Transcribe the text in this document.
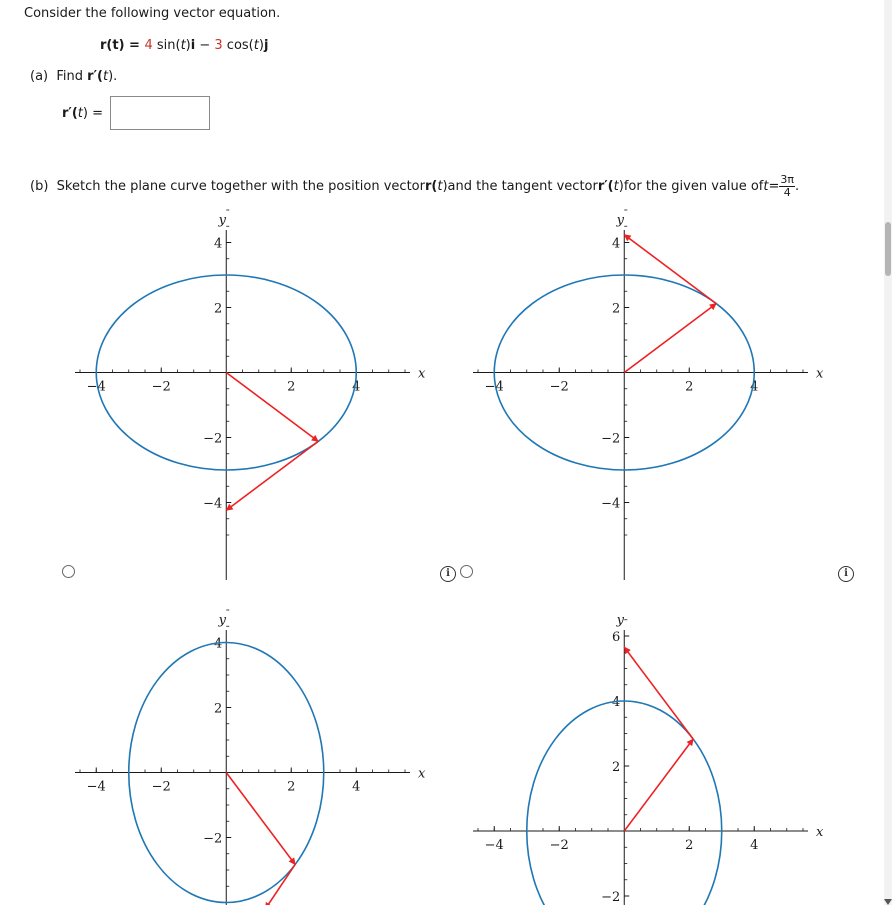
Consider the following vector equation.
r(t) = 4 sin(t)i − 3 cos(t)j
(a) Find r′(t).
r′(t) =
(b)
Sketch the plane curve together with the position vector r( t ) and the tangent vector r′( t ) for the given value of $t = \frac{3\pi}{4}$ .
−4	−2	2	4
−4
−2
2
4
x
y
−4	−2	2	4
−4
−2
2
4
x
y
−4	−2	2	4
−2
2
4
x
y
−4	−2	2	4
−2
2
4
6
x
y
i	i
